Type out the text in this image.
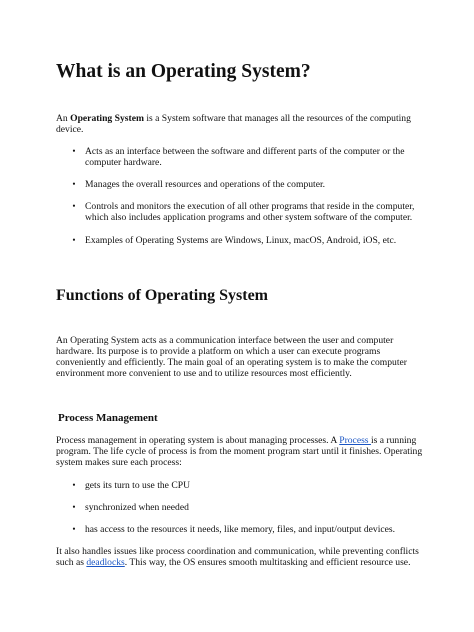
What is an Operating System?

An Operating System is a System software that manages all the resources of the computing device.

• Acts as an interface between the software and different parts of the computer or the computer hardware.
• Manages the overall resources and operations of the computer.
• Controls and monitors the execution of all other programs that reside in the computer, which also includes application programs and other system software of the computer.
• Examples of Operating Systems are Windows, Linux, macOS, Android, iOS, etc.
Functions of Operating System

An Operating System acts as a communication interface between the user and computer hardware. Its purpose is to provide a platform on which a user can execute programs conveniently and efficiently. The main goal of an operating system is to make the computer environment more convenient to use and to utilize resources most efficiently.

Process Management

Process management in operating system is about managing processes. A Process is a running program. The life cycle of process is from the moment program start until it finishes. Operating system makes sure each process:

• gets its turn to use the CPU
• synchronized when needed
• has access to the resources it needs, like memory, files, and input/output devices.

It also handles issues like process coordination and communication, while preventing conflicts such as deadlocks. This way, the OS ensures smooth multitasking and efficient resource use.
